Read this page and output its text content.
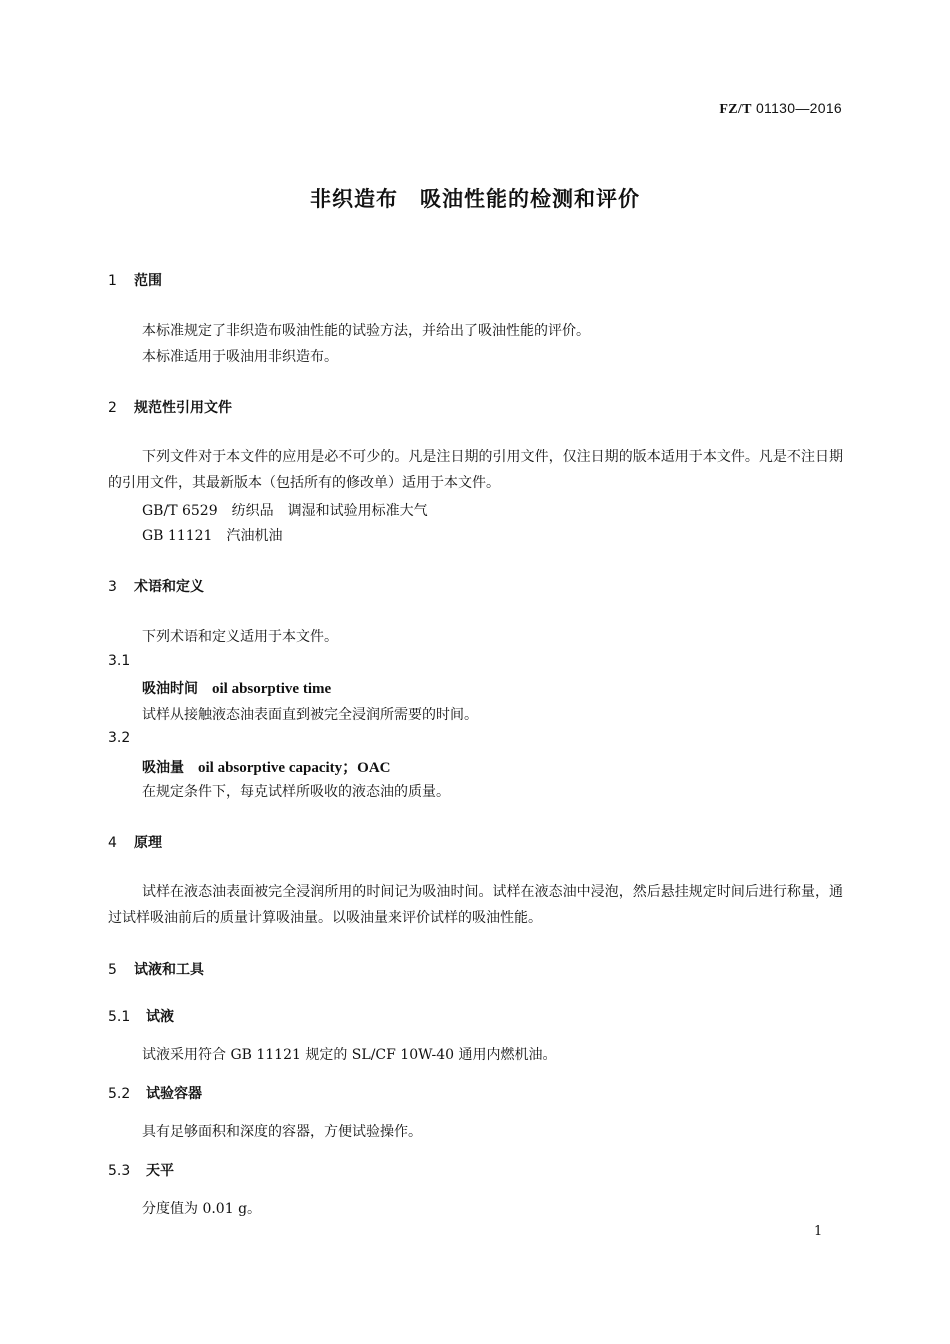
FZ/T 01130—2016
非织造布　吸油性能的检测和评价
1 范围
本标准规定了非织造布吸油性能的试验方法，并给出了吸油性能的评价。
本标准适用于吸油用非织造布。
2 规范性引用文件
下列文件对于本文件的应用是必不可少的。凡是注日期的引用文件，仅注日期的版本适用于本文件。凡是不注日期的引用文件，其最新版本（包括所有的修改单）适用于本文件。
GB/T 6529　纺织品　调湿和试验用标准大气
GB 11121　汽油机油
3 术语和定义
下列术语和定义适用于本文件。
3.1
吸油时间 oil absorptive time
试样从接触液态油表面直到被完全浸润所需要的时间。
3.2
吸油量 oil absorptive capacity；OAC
在规定条件下，每克试样所吸收的液态油的质量。
4 原理
试样在液态油表面被完全浸润所用的时间记为吸油时间。试样在液态油中浸泡，然后悬挂规定时间后进行称量，通过试样吸油前后的质量计算吸油量。以吸油量来评价试样的吸油性能。
5 试液和工具
5.1 试液
试液采用符合 GB 11121 规定的 SL/CF 10W-40 通用内燃机油。
5.2 试验容器
具有足够面积和深度的容器，方便试验操作。
5.3 天平
分度值为 0.01 g。
1
